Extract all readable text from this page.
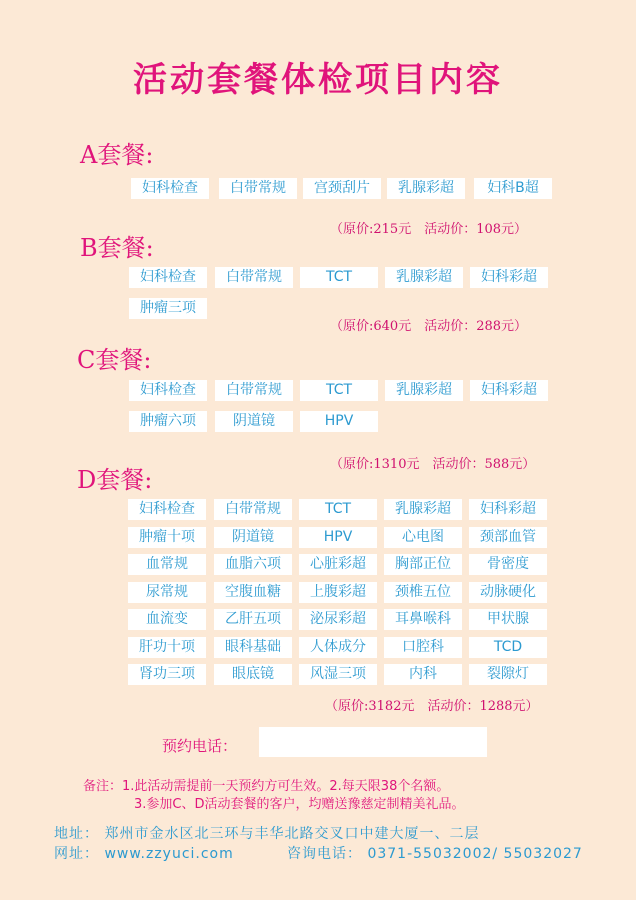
活动套餐体检项目内容
A套餐:
妇科检查	白带常规	宫颈刮片	乳腺彩超	妇科B超
（原价:215元　活动价：108元）
B套餐:
妇科检查	白带常规	TCT	乳腺彩超	妇科彩超
肿瘤三项
（原价:640元　活动价：288元）
C套餐:
妇科检查	白带常规	TCT	乳腺彩超	妇科彩超
肿瘤六项	阴道镜	HPV
（原价:1310元　活动价：588元）
D套餐:
妇科检查	白带常规	TCT	乳腺彩超	妇科彩超
肿瘤十项	阴道镜	HPV	心电图	颈部血管
血常规	血脂六项	心脏彩超	胸部正位	骨密度
尿常规	空腹血糖	上腹彩超	颈椎五位	动脉硬化
血流变	乙肝五项	泌尿彩超	耳鼻喉科	甲状腺
肝功十项	眼科基础	人体成分	口腔科	TCD
肾功三项	眼底镜	风湿三项	内科	裂隙灯
（原价:3182元　活动价：1288元）
预约电话：
备注：1.此活动需提前一天预约方可生效。2.每天限38个名额。
3.参加C、D活动套餐的客户，均赠送豫慈定制精美礼品。
地址： 郑州市金水区北三环与丰华北路交叉口中建大厦一、二层
网址： www.zzyuci.com	咨询电话： 0371-55032002/ 55032027
